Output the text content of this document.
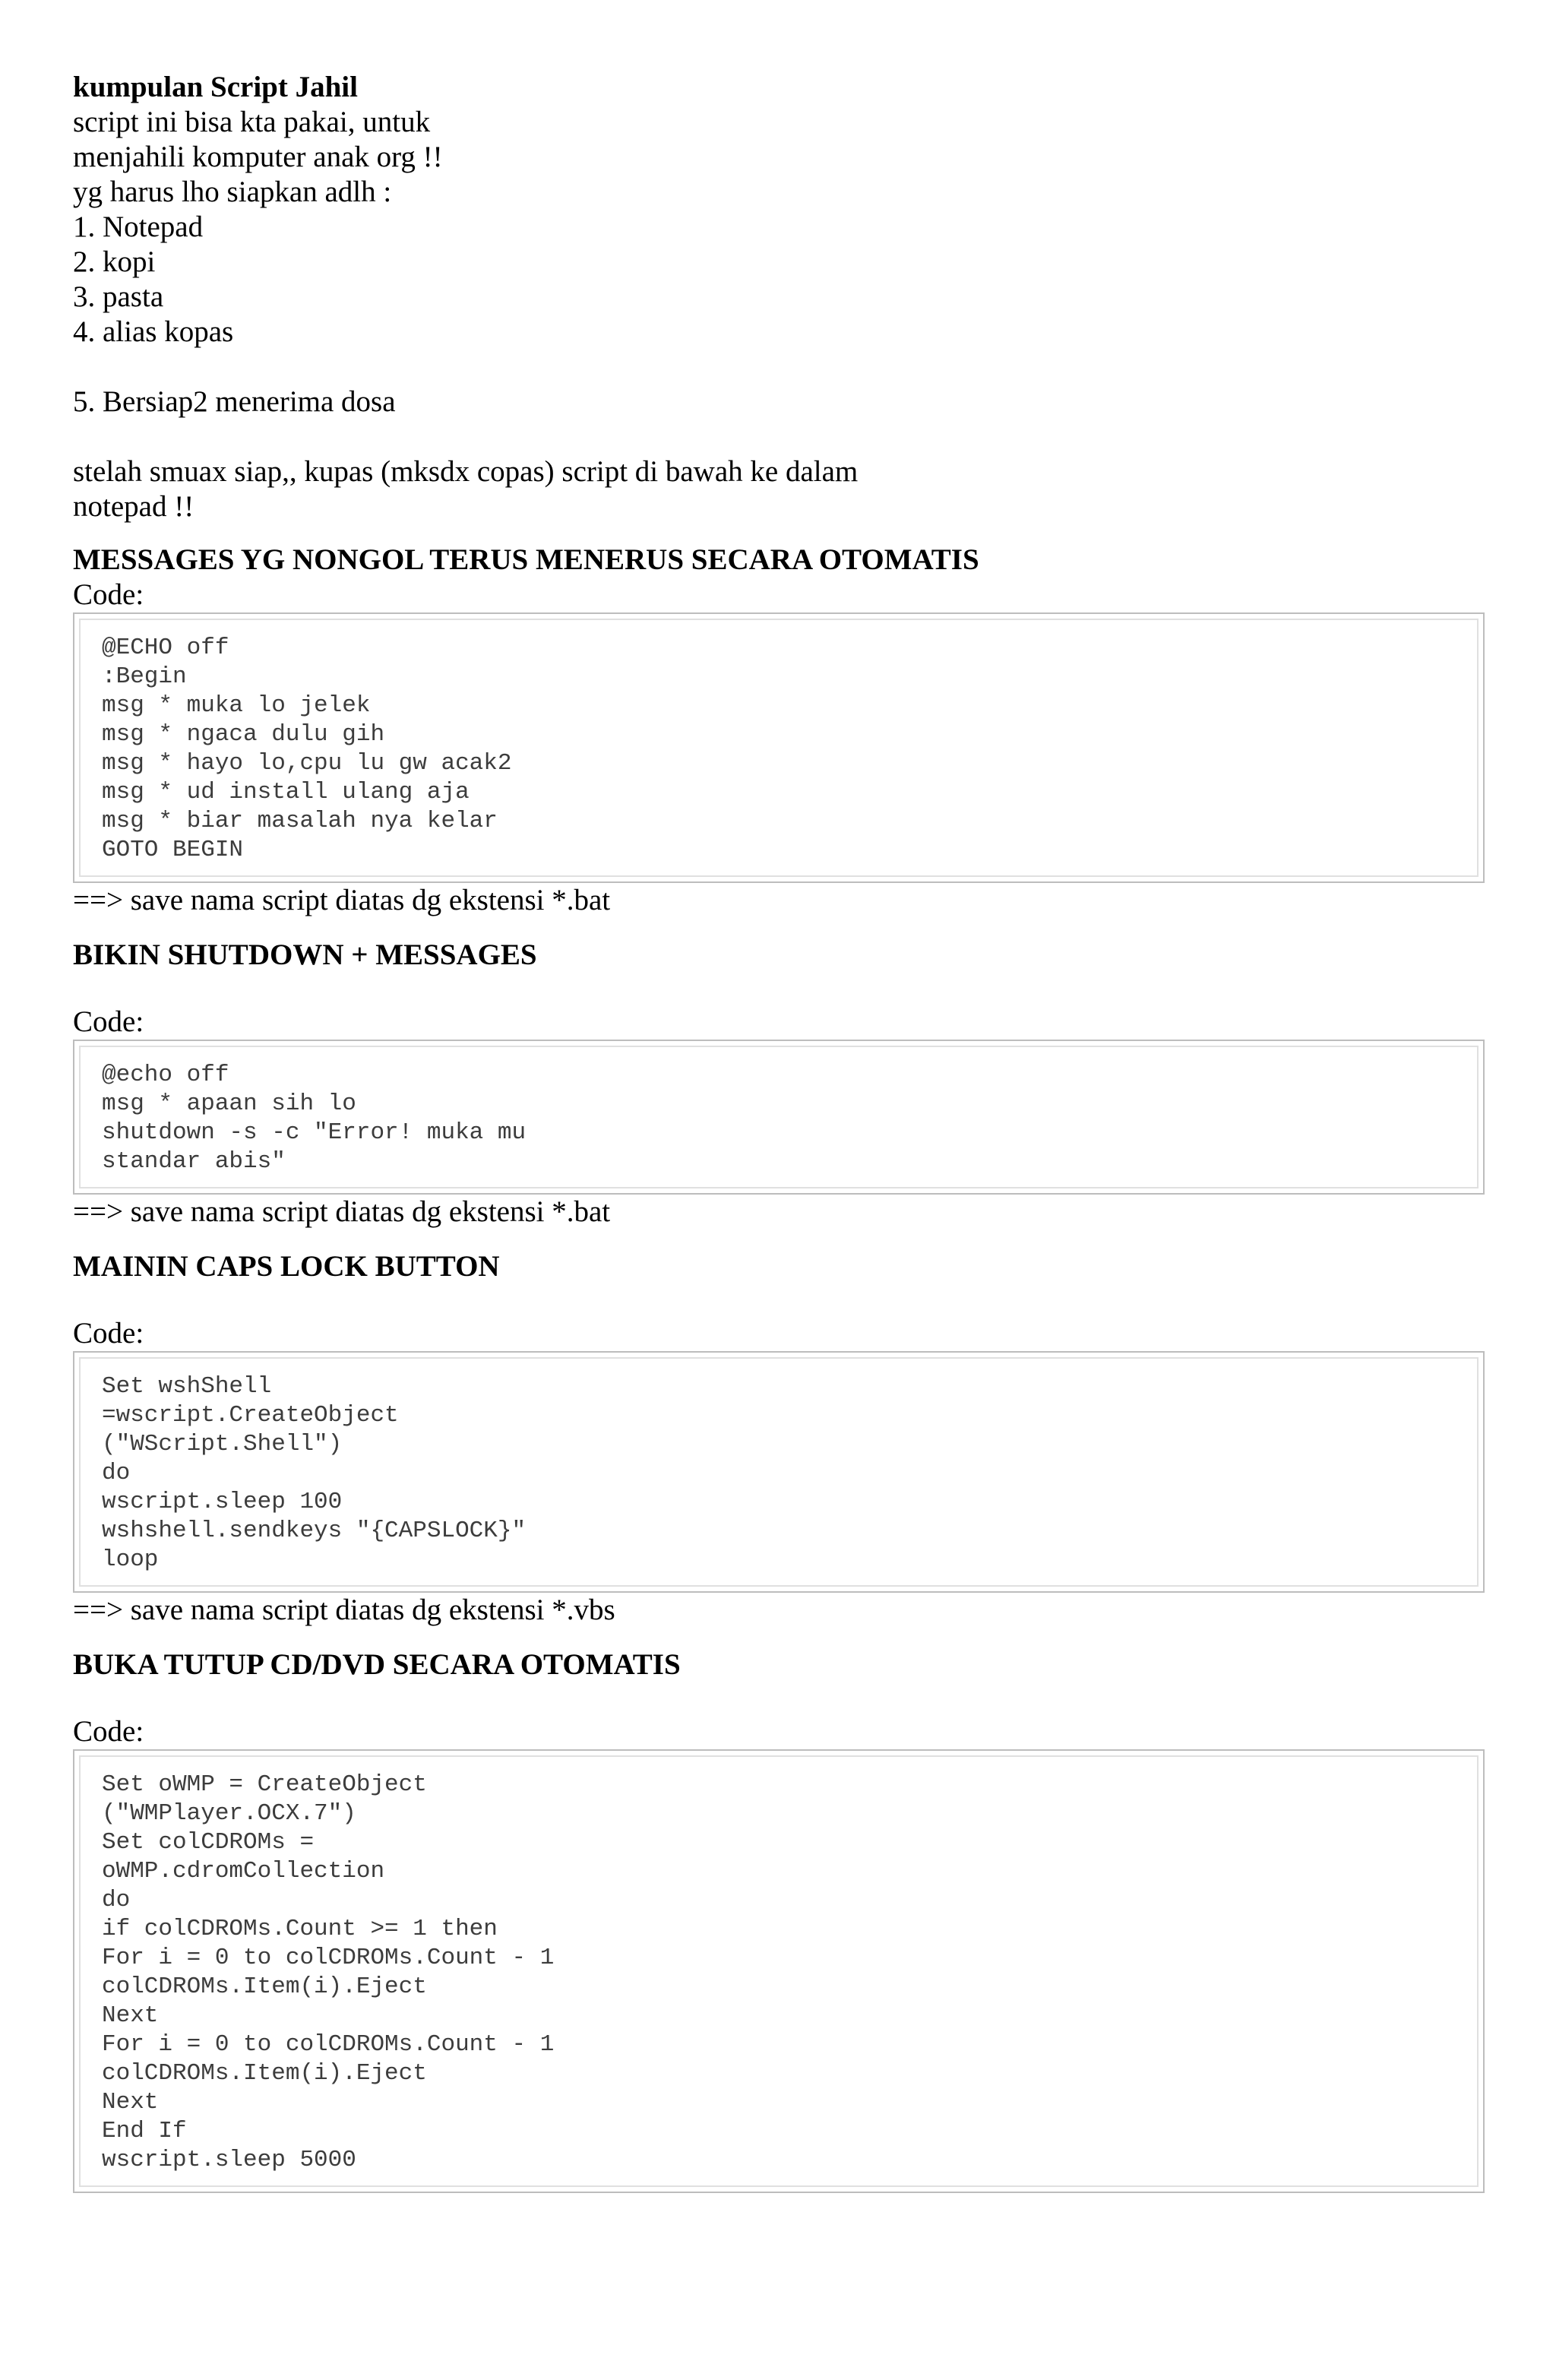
kumpulan Script Jahil
script ini bisa kta pakai, untuk
menjahili komputer anak org !!
yg harus lho siapkan adlh :
1. Notepad
2. kopi
3. pasta
4. alias kopas
5. Bersiap2 menerima dosa
stelah smuax siap,, kupas (mksdx copas) script di bawah ke dalam
notepad !!
MESSAGES YG NONGOL TERUS MENERUS SECARA OTOMATIS
Code:
@ECHO off
:Begin
msg * muka lo jelek
msg * ngaca dulu gih
msg * hayo lo,cpu lu gw acak2
msg * ud install ulang aja
msg * biar masalah nya kelar
GOTO BEGIN
==> save nama script diatas dg ekstensi *.bat
BIKIN SHUTDOWN + MESSAGES
Code:
@echo off
msg * apaan sih lo
shutdown -s -c "Error! muka mu
standar abis"
==> save nama script diatas dg ekstensi *.bat
MAININ CAPS LOCK BUTTON
Code:
Set wshShell
=wscript.CreateObject
("WScript.Shell")
do
wscript.sleep 100
wshshell.sendkeys "{CAPSLOCK}"
loop
==> save nama script diatas dg ekstensi *.vbs
BUKA TUTUP CD/DVD SECARA OTOMATIS
Code:
Set oWMP = CreateObject
("WMPlayer.OCX.7")
Set colCDROMs =
oWMP.cdromCollection
do
if colCDROMs.Count >= 1 then
For i = 0 to colCDROMs.Count - 1
colCDROMs.Item(i).Eject
Next
For i = 0 to colCDROMs.Count - 1
colCDROMs.Item(i).Eject
Next
End If
wscript.sleep 5000
